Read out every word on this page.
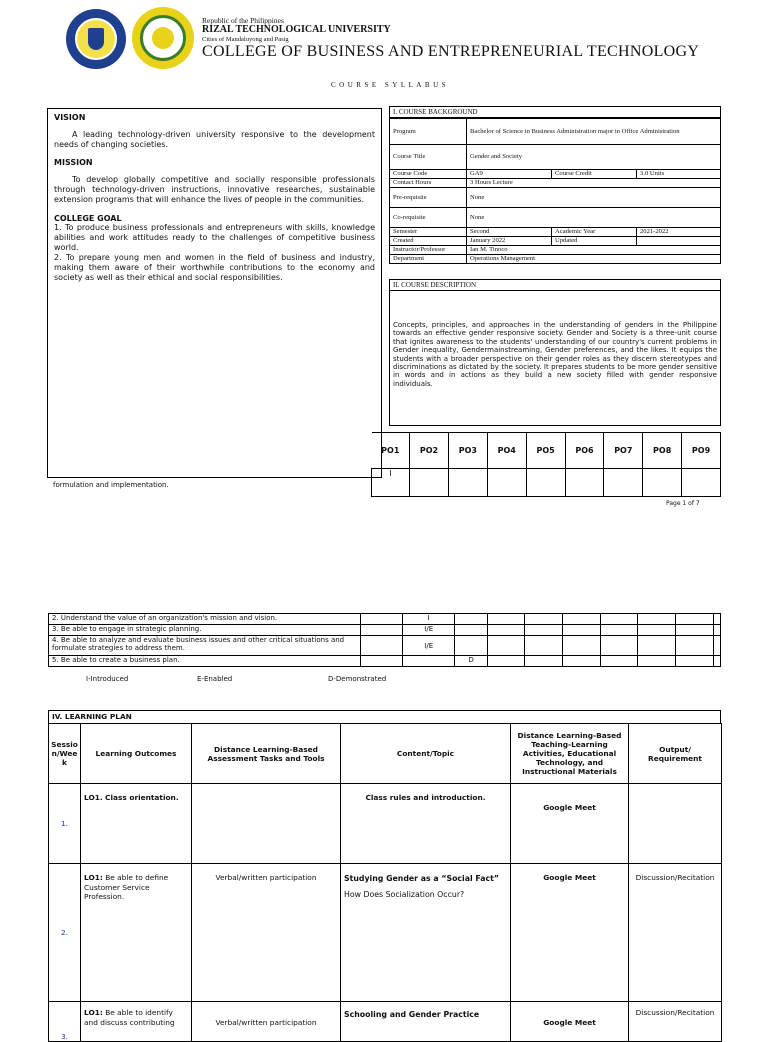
Republic of the Philippines
RIZAL TECHNOLOGICAL UNIVERSITY
Cities of Mandaluyong and Pasig
COLLEGE OF BUSINESS AND ENTREPRENEURIAL TECHNOLOGY
COURSE SYLLABUS
VISION
A leading technology-driven university responsive to the development needs of changing societies.
MISSION
To develop globally competitive and socially responsible professionals through technology-driven instructions, innovative researches, sustainable extension programs that will enhance the lives of people in the communities.
COLLEGE GOAL
1. To produce business professionals and entrepreneurs with skills, knowledge abilities and work attitudes ready to the challenges of competitive business world.
2. To prepare young men and women in the field of business and industry, making them aware of their worthwhile contributions to the economy and society as well as their ethical and social responsibilities.
formulation and implementation.
I. COURSE BACKGROUND
Program	Bachelor of Science in Business Administration major in Office Administration		
Course Title	Gender and Society		
Course Code	GA9	Course Credit	3.0 Units
Contact Hours	3 Hours Lecture		
Pre-requisite	None		
Co-requisite	None		
Semester	Second	Academic Year	2021-2022
Created	January 2022	Updated	
Instructor/Professor	Ian M. Tinoco		
Department	Operations Management		
II. COURSE DESCRIPTION
Concepts, principles, and approaches in the understanding of genders in the Philippine towards an effective gender responsive society. Gender and Society is a three-unit course that ignites awareness to the students' understanding of our country's current problems in Gender inequality, Gendermainstreaming, Gender preferences, and the likes. It equips the students with a broader perspective on their gender roles as they discern stereotypes and discriminations as dictated by the society. It prepares students to be more gender sensitive in words and in actions as they build a new society filled with gender responsive individuals.
PO1	PO2	PO3	PO4	PO5	PO6	PO7	PO8	PO9
I								
Page 1 of 7
2. Understand the value of an organization's mission and vision.		I								
3. Be able to engage in strategic planning.		I/E								
4. Be able to analyze and evaluate business issues and other critical situations and formulate strategies to address them.		I/E								
5. Be able to create a business plan.			D							
I-Introduced	E-Enabled	D-Demonstrated
IV. LEARNING PLAN
Session/Week	Learning Outcomes	Distance Learning-Based Assessment Tasks and Tools	Content/Topic	Distance Learning-Based Teaching-Learning Activities, Educational Technology, and Instructional Materials	Output/ Requirement
1.	LO1. Class orientation.		Class rules and introduction.	Google Meet	
2.	LO1: Be able to define Customer Service Profession.	Verbal/written participation	Studying Gender as a “Social Fact”
How Does Socialization Occur?	Google Meet	Discussion/Recitation
3.	LO1: Be able to identify and discuss contributing	Verbal/written participation	Schooling and Gender Practice	Google Meet	Discussion/Recitation
